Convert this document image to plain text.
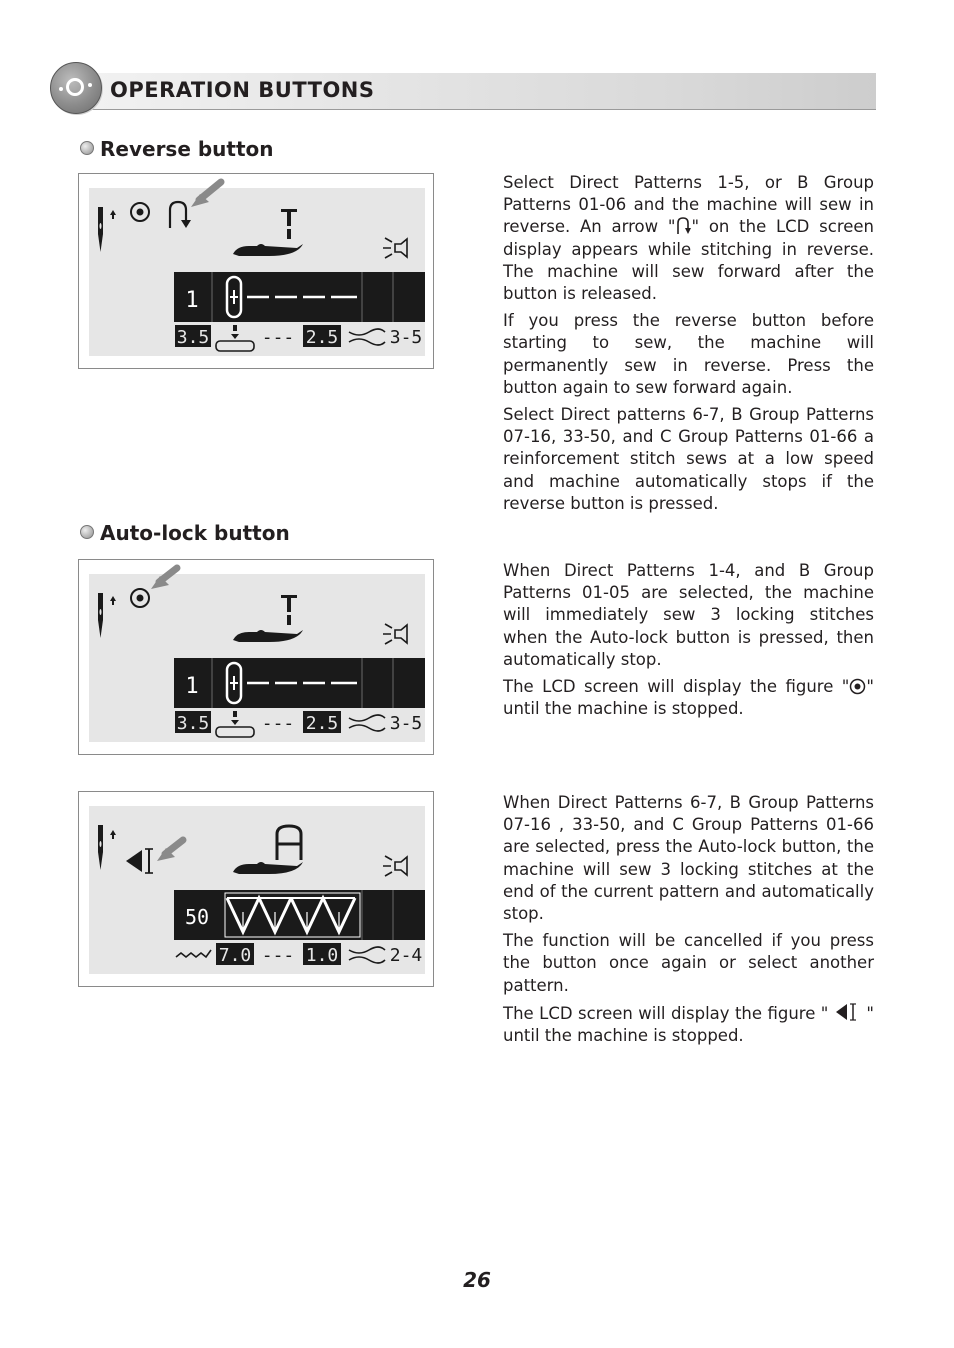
OPERATION BUTTONS
Reverse button
1
3.5	--- 2.5	3-5

Select Direct Patterns 1-5, or B Group Patterns 01-06 and the machine will sew in reverse. An arrow " " on the LCD screen display appears while stitching in reverse. The machine will sew forward after the button is released.

If you press the reverse button before starting to sew, the machine will permanently sew in reverse. Press the button again to sew forward again.

Select Direct patterns 6-7, B Group Patterns 07-16, 33-50, and C Group Patterns 01-66 a reinforcement stitch sews at a low speed and machine automatically stops if the reverse button is pressed.

Auto-lock button
1
3.5	--- 2.5	3-5

When Direct Patterns 1-4, and B Group Patterns 01-05 are selected, the machine will immediately sew 3 locking stitches when the Auto-lock button is pressed, then automatically stop.

The LCD screen will display the figure " " until the machine is stopped.

50
7.0 --- 1.0	2-4

When Direct Patterns 6-7, B Group Patterns 07-16 , 33-50, and C Group Patterns 01-66 are selected, press the Auto-lock button, the machine will sew 3 locking stitches at the end of the current pattern and automatically stop.

The function will be cancelled if you press the button once again or select another pattern.

The LCD screen will display the figure " " until the machine is stopped.

26
